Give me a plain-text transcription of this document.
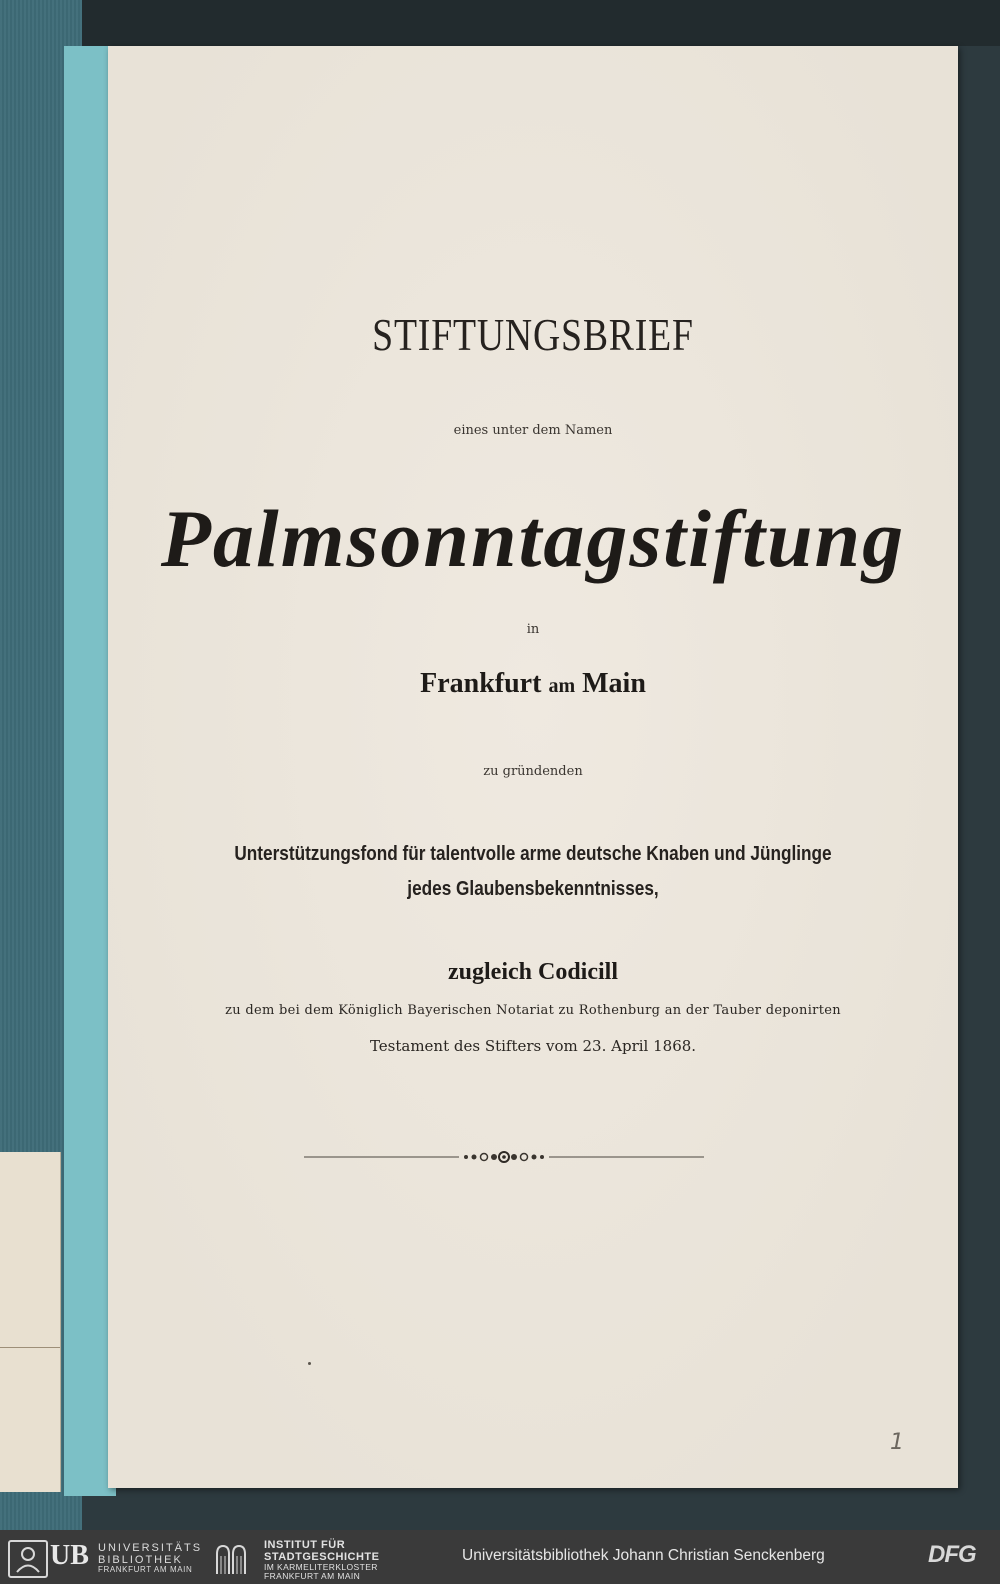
STIFTUNGSBRIEF
eines unter dem Namen
Palmsonntagstiftung
in
Frankfurt am Main
zu gründenden
Unterstützungsfond für talentvolle arme deutsche Knaben und Jünglinge
jedes Glaubensbekenntnisses,
zugleich Codicill
zu dem bei dem Königlich Bayerischen Notariat zu Rothenburg an der Tauber deponirten
Testament des Stifters vom 23. April 1868.
1
UB UNIVERSITÄTS
BIBLIOTHEK
FRANKFURT AM MAIN
INSTITUT FÜR
STADTGESCHICHTE
IM KARMELITERKLOSTER
FRANKFURT AM MAIN
Universitätsbibliothek Johann Christian Senckenberg	DFG
